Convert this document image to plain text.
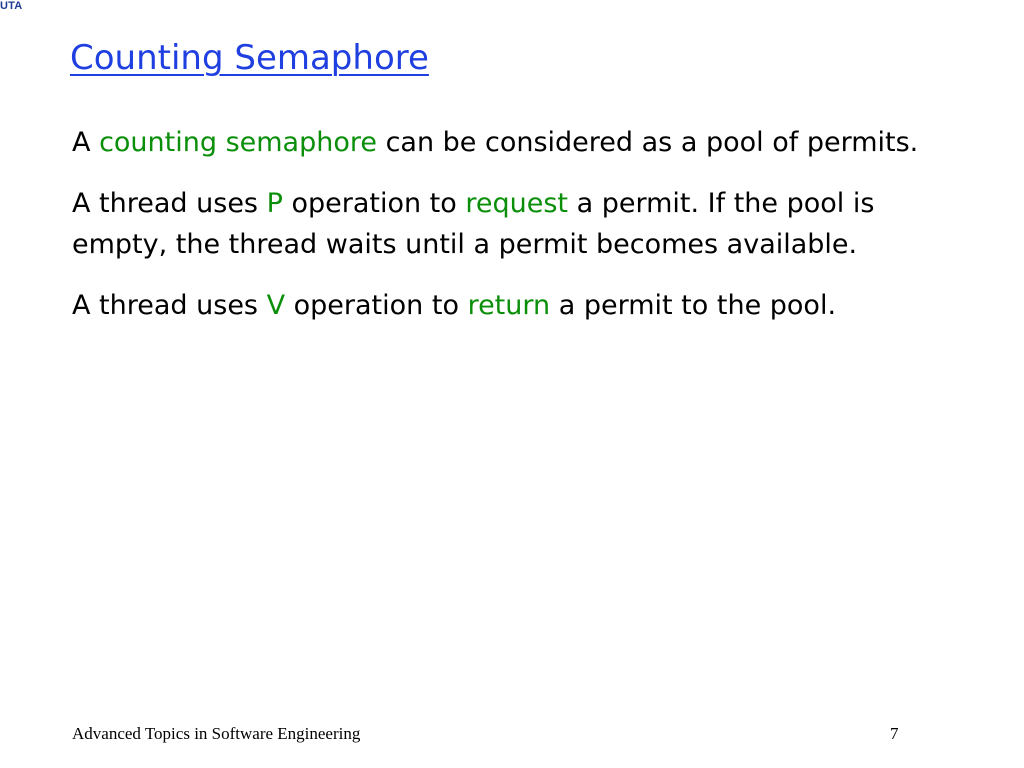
UTA
Counting Semaphore

A counting semaphore can be considered as a pool of permits.

A thread uses P operation to request a permit. If the pool is empty, the thread waits until a permit becomes available.

A thread uses V operation to return a permit to the pool.

Advanced Topics in Software Engineering	7
